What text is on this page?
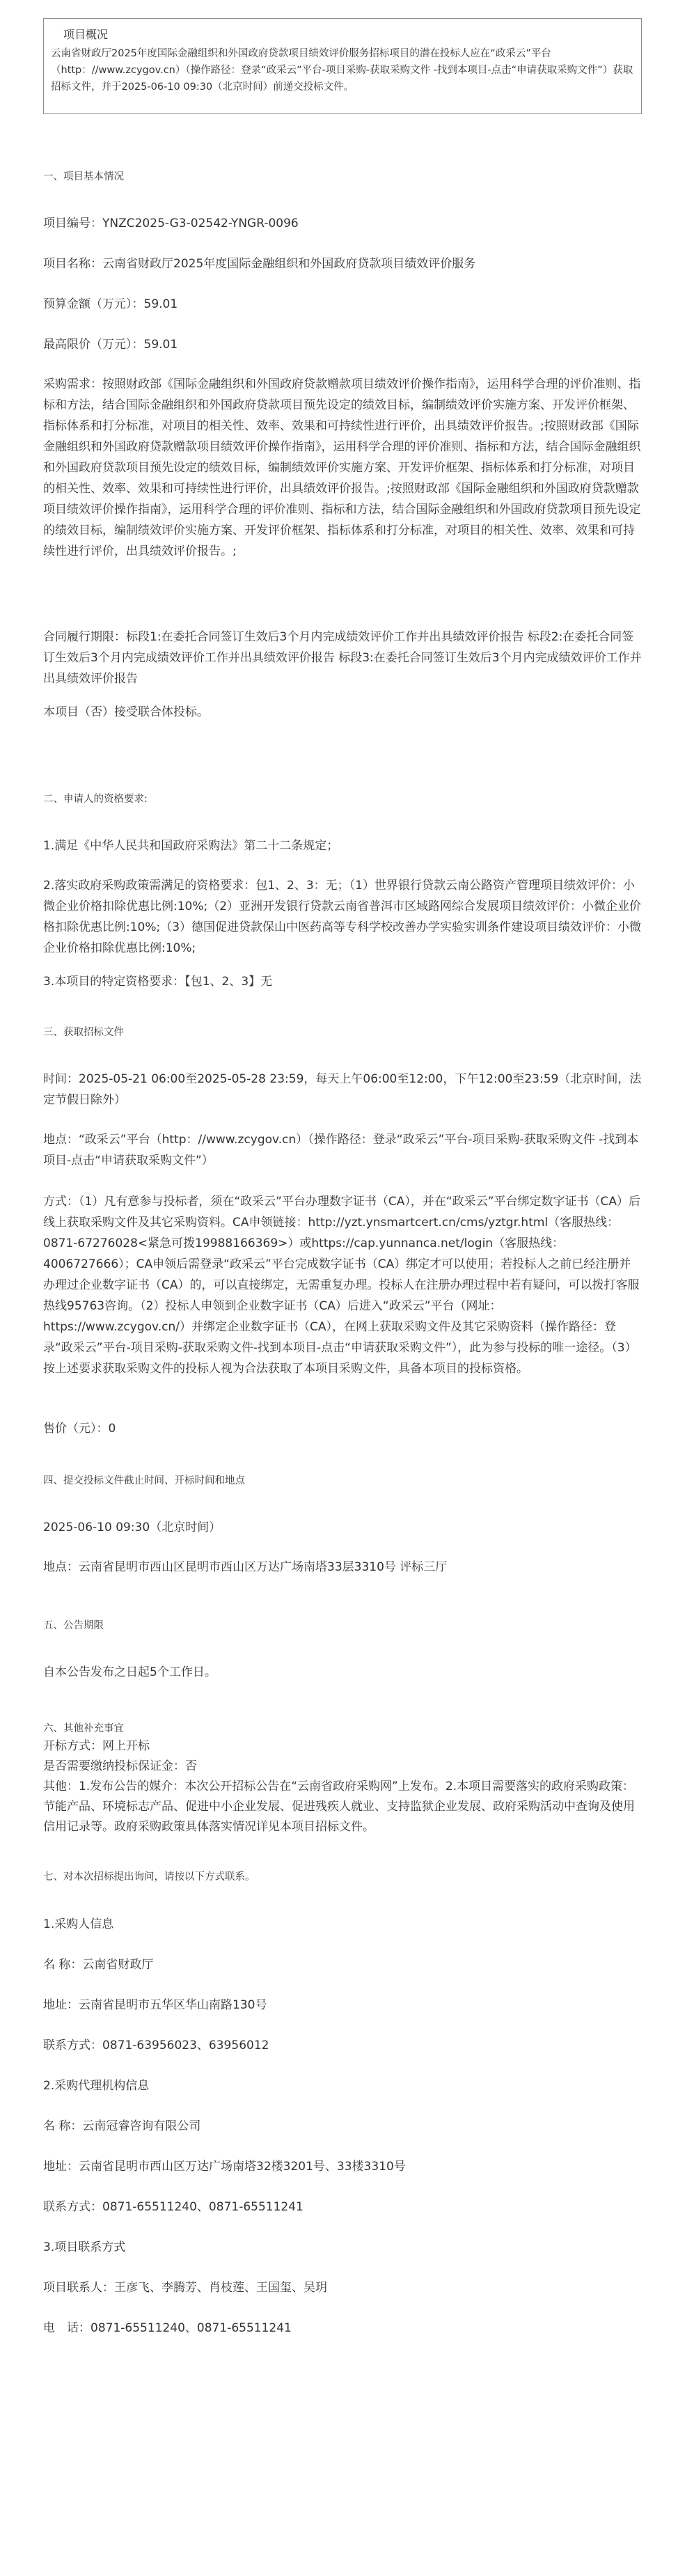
项目概况
云南省财政厅2025年度国际金融组织和外国政府贷款项目绩效评价服务招标项目的潜在投标人应在“政采云”平台（http：//www.zcygov.cn）（操作路径：登录“政采云”平台-项目采购-获取采购文件 -找到本项目-点击“申请获取采购文件”）获取招标文件，并于2025-06-10 09:30（北京时间）前递交投标文件。
一、项目基本情况
项目编号：YNZC2025-G3-02542-YNGR-0096
项目名称：云南省财政厅2025年度国际金融组织和外国政府贷款项目绩效评价服务
预算金额（万元）：59.01
最高限价（万元）：59.01
采购需求：按照财政部《国际金融组织和外国政府贷款赠款项目绩效评价操作指南》，运用科学合理的评价准则、指标和方法，结合国际金融组织和外国政府贷款项目预先设定的绩效目标，编制绩效评价实施方案、开发评价框架、指标体系和打分标准，对项目的相关性、效率、效果和可持续性进行评价，出具绩效评价报告。;按照财政部《国际金融组织和外国政府贷款赠款项目绩效评价操作指南》，运用科学合理的评价准则、指标和方法，结合国际金融组织和外国政府贷款项目预先设定的绩效目标，编制绩效评价实施方案、开发评价框架、指标体系和打分标准，对项目的相关性、效率、效果和可持续性进行评价，出具绩效评价报告。;按照财政部《国际金融组织和外国政府贷款赠款项目绩效评价操作指南》，运用科学合理的评价准则、指标和方法，结合国际金融组织和外国政府贷款项目预先设定的绩效目标，编制绩效评价实施方案、开发评价框架、指标体系和打分标准，对项目的相关性、效率、效果和可持续性进行评价，出具绩效评价报告。;
合同履行期限：标段1:在委托合同签订生效后3个月内完成绩效评价工作并出具绩效评价报告 标段2:在委托合同签订生效后3个月内完成绩效评价工作并出具绩效评价报告 标段3:在委托合同签订生效后3个月内完成绩效评价工作并出具绩效评价报告
本项目（否）接受联合体投标。
二、申请人的资格要求:
1.满足《中华人民共和国政府采购法》第二十二条规定；
2.落实政府采购政策需满足的资格要求：包1、2、3：无；（1）世界银行贷款云南公路资产管理项目绩效评价：小微企业价格扣除优惠比例:10%;（2）亚洲开发银行贷款云南省普洱市区域路网综合发展项目绩效评价：小微企业价格扣除优惠比例:10%;（3）德国促进贷款保山中医药高等专科学校改善办学实验实训条件建设项目绩效评价：小微企业价格扣除优惠比例:10%;
3.本项目的特定资格要求：【包1、2、3】无
三、获取招标文件
时间：2025-05-21 06:00至2025-05-28 23:59，每天上午06:00至12:00，下午12:00至23:59（北京时间，法定节假日除外）
地点：“政采云”平台（http：//www.zcygov.cn）（操作路径：登录“政采云”平台-项目采购-获取采购文件 -找到本项目-点击“申请获取采购文件”）
方式：（1）凡有意参与投标者，须在“政采云”平台办理数字证书（CA），并在“政采云”平台绑定数字证书（CA）后线上获取采购文件及其它采购资料。CA申领链接：http://yzt.ynsmartcert.cn/cms/yztgr.html（客服热线：0871-67276028<紧急可拨19988166369>）或https://cap.yunnanca.net/login（客服热线：4006727666）；CA申领后需登录“政采云”平台完成数字证书（CA）绑定才可以使用；若投标人之前已经注册并办理过企业数字证书（CA）的，可以直接绑定，无需重复办理。投标人在注册办理过程中若有疑问，可以拨打客服热线95763咨询。（2）投标人申领到企业数字证书（CA）后进入“政采云”平台（网址：https://www.zcygov.cn/）并绑定企业数字证书（CA），在网上获取采购文件及其它采购资料（操作路径：登录“政采云”平台-项目采购-获取采购文件-找到本项目-点击“申请获取采购文件”），此为参与投标的唯一途径。（3）按上述要求获取采购文件的投标人视为合法获取了本项目采购文件，具备本项目的投标资格。
售价（元）：0
四、提交投标文件截止时间、开标时间和地点
2025-06-10 09:30（北京时间）
地点：云南省昆明市西山区昆明市西山区万达广场南塔33层3310号 评标三厅
五、公告期限
自本公告发布之日起5个工作日。
六、其他补充事宜
开标方式：网上开标
是否需要缴纳投标保证金：否
其他：1.发布公告的媒介：本次公开招标公告在“云南省政府采购网”上发布。2.本项目需要落实的政府采购政策：节能产品、环境标志产品、促进中小企业发展、促进残疾人就业、支持监狱企业发展、政府采购活动中查询及使用信用记录等。政府采购政策具体落实情况详见本项目招标文件。
七、对本次招标提出询问，请按以下方式联系。
1.采购人信息
名 称：云南省财政厅
地址：云南省昆明市五华区华山南路130号
联系方式：0871-63956023、63956012
2.采购代理机构信息
名 称：云南冠睿咨询有限公司
地址：云南省昆明市西山区万达广场南塔32楼3201号、33楼3310号
联系方式：0871-65511240、0871-65511241
3.项目联系方式
项目联系人：王彦飞、李腾芳、肖枝莲、王国玺、吴玥
电　话：0871-65511240、0871-65511241
